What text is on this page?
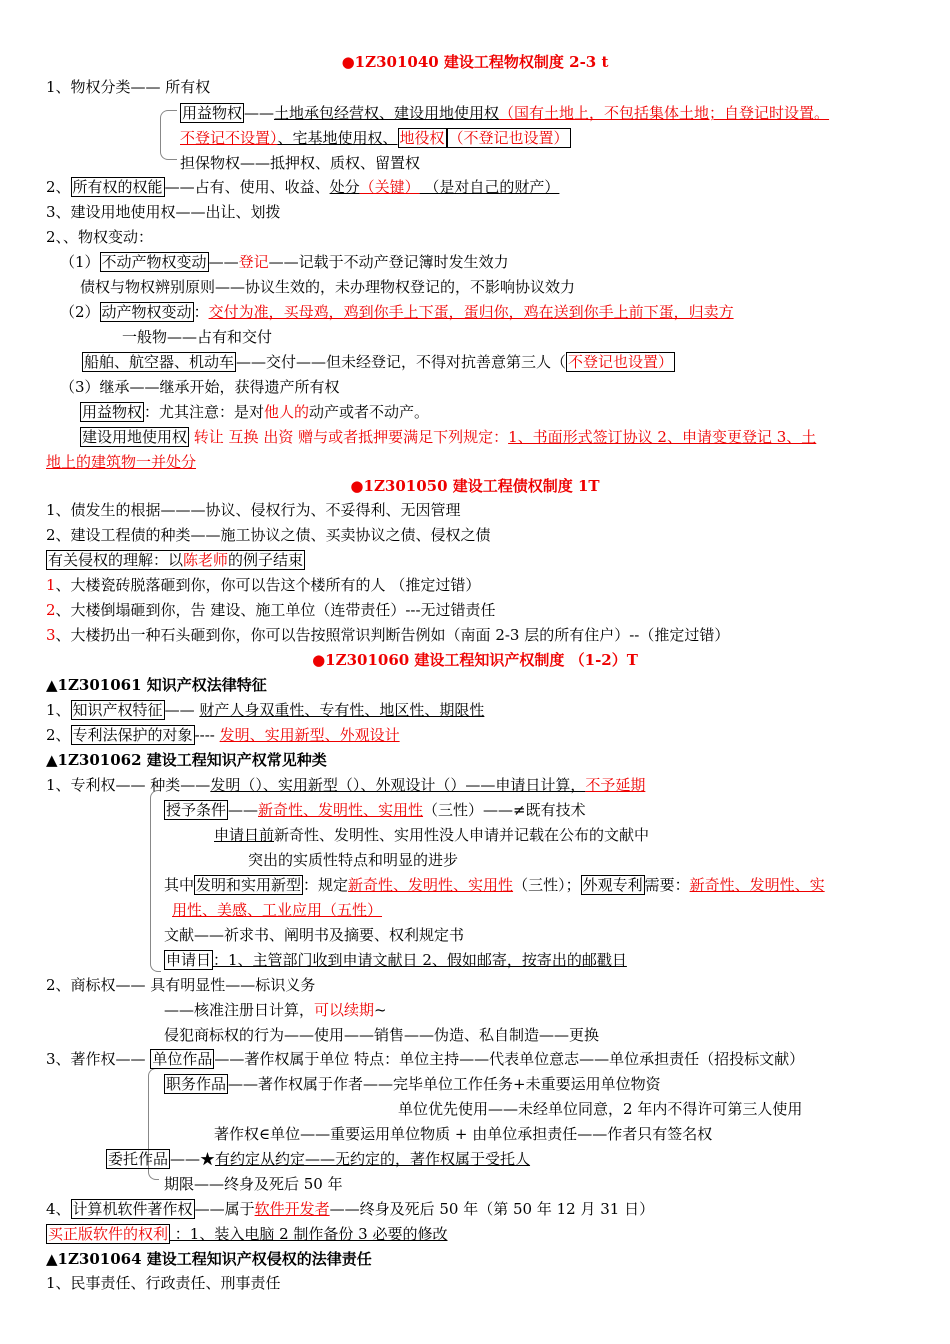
●1Z301040 建设工程物权制度 2-3 t
1、物权分类—— 所有权
用益物权 ——土地承包经营权、建设用地使用权（国有土地上，不包括集体土地；自登记时设置。
不登记不设置）、宅基地使用权、 地役权 （不登记也设置）
担保物权——抵押权、质权、留置权
2、 所有权的权能 ——占有、使用、收益、处分（关键） （是对自己的财产）
3、建设用地使用权——出让、划拨
2、、物权变动：
（1） 不动产物权变动 ——登记——记载于不动产登记簿时发生效力
债权与物权辨别原则——协议生效的，未办理物权登记的，不影响协议效力
（2） 动产物权变动 ：交付为准，买母鸡，鸡到你手上下蛋，蛋归你，鸡在送到你手上前下蛋，归卖方
一般物——占有和交付
船舶、航空器、机动车 ——交付——但未经登记，不得对抗善意第三人（ 不登记也设置）
（3）继承——继承开始，获得遗产所有权
用益物权 ：尤其注意：是对他人的动产或者不动产。
建设用地使用权 转让 互换 出资 赠与或者抵押要满足下列规定：1、书面形式签订协议 2、申请变更登记 3、土
地上的建筑物一并处分
●1Z301050 建设工程债权制度 1T
1、债发生的根据———协议、侵权行为、不妥得利、无因管理
2、建设工程债的种类——施工协议之债、买卖协议之债、侵权之债
有关侵权的理解：以陈老师的例子结束
1、大楼瓷砖脱落砸到你，你可以告这个楼所有的人 （推定过错）
2、大楼倒塌砸到你，告 建设、施工单位（连带责任）---无过错责任
3、大楼扔出一种石头砸到你，你可以告按照常识判断告例如（南面 2-3 层的所有住户）--（推定过错）
●1Z301060 建设工程知识产权制度 （1-2）T
▲1Z301061 知识产权法律特征
1、 知识产权特征 —— 财产人身双重性、专有性、地区性、期限性
2、 专利法保护的对象 ---- 发明、实用新型、外观设计
▲1Z301062 建设工程知识产权常见种类
1、专利权—— 种类——发明（）、实用新型（）、外观设计（）——申请日计算，不予延期
授予条件 ——新奇性、发明性、实用性（三性）——≠既有技术
申请日前新奇性、发明性、实用性没人申请并记载在公布的文献中
突出的实质性特点和明显的进步
其中 发明和实用新型 ：规定新奇性、发明性、实用性（三性）； 外观专利 需要：新奇性、发明性、实
用性、美感、工业应用（五性）
文献——祈求书、阐明书及摘要、权利规定书
申请日 ：1、主管部门收到申请文献日 2、假如邮寄，按寄出的邮戳日
2、商标权—— 具有明显性——标识义务
——核准注册日计算，可以续期~
侵犯商标权的行为——使用——销售——伪造、私自制造——更换
3、著作权—— 单位作品 ——著作权属于单位 特点：单位主持——代表单位意志——单位承担责任（招投标文献）
职务作品 ——著作权属于作者——完毕单位工作任务+未重要运用单位物资
单位优先使用——未经单位同意，2 年内不得许可第三人使用
著作权∈单位——重要运用单位物质 + 由单位承担责任——作者只有签名权
委托作品 ——★有约定从约定——无约定的，著作权属于受托人
期限——终身及死后 50 年
4、 计算机软件著作权 ——属于软件开发者——终身及死后 50 年（第 50 年 12 月 31 日）
买正版软件的权利 ：1、装入电脑 2 制作备份 3 必要的修改
▲1Z301064 建设工程知识产权侵权的法律责任
1、民事责任、行政责任、刑事责任
